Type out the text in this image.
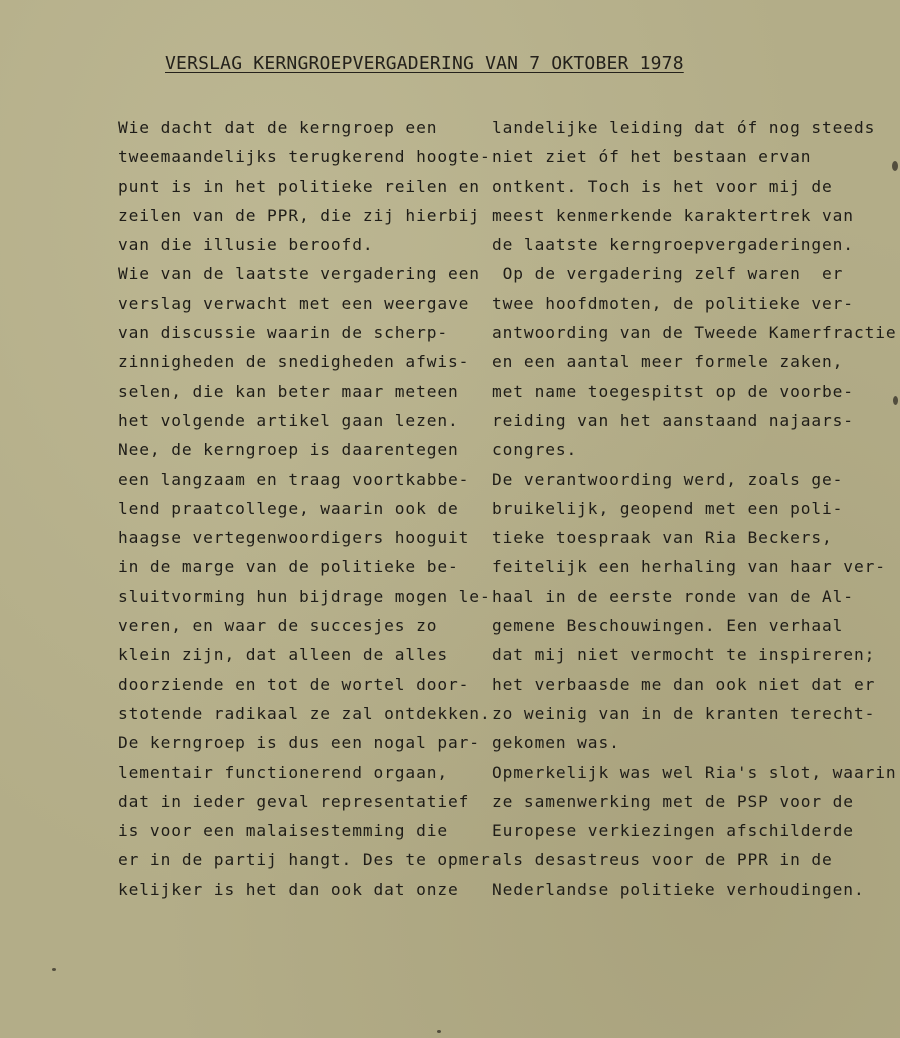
VERSLAG KERNGROEPVERGADERING VAN 7 OKTOBER 1978
Wie dacht dat de kerngroep een
tweemaandelijks terugkerend hoogte-
punt is in het politieke reilen en
zeilen van de PPR, die zij hierbij
van die illusie beroofd.
Wie van de laatste vergadering een
verslag verwacht met een weergave
van discussie waarin de scherp-
zinnigheden de snedigheden afwis-
selen, die kan beter maar meteen
het volgende artikel gaan lezen.
Nee, de kerngroep is daarentegen
een langzaam en traag voortkabbe-
lend praatcollege, waarin ook de
haagse vertegenwoordigers hooguit
in de marge van de politieke be-
sluitvorming hun bijdrage mogen le-
veren, en waar de succesjes zo
klein zijn, dat alleen de alles
doorziende en tot de wortel door-
stotende radikaal ze zal ontdekken.
De kerngroep is dus een nogal par-
lementair functionerend orgaan,
dat in ieder geval representatief
is voor een malaisestemming die
er in de partij hangt. Des te opmer-
kelijker is het dan ook dat onze
landelijke leiding dat óf nog steeds
niet ziet óf het bestaan ervan
ontkent. Toch is het voor mij de
meest kenmerkende karaktertrek van
de laatste kerngroepvergaderingen.
Op de vergadering zelf waren  er
twee hoofdmoten, de politieke ver-
antwoording van de Tweede Kamerfractie
en een aantal meer formele zaken,
met name toegespitst op de voorbe-
reiding van het aanstaand najaars-
congres.
De verantwoording werd, zoals ge-
bruikelijk, geopend met een poli-
tieke toespraak van Ria Beckers,
feitelijk een herhaling van haar ver-
haal in de eerste ronde van de Al-
gemene Beschouwingen. Een verhaal
dat mij niet vermocht te inspireren;
het verbaasde me dan ook niet dat er
zo weinig van in de kranten terecht-
gekomen was.
Opmerkelijk was wel Ria's slot, waarin
ze samenwerking met de PSP voor de
Europese verkiezingen afschilderde
als desastreus voor de PPR in de
Nederlandse politieke verhoudingen.
